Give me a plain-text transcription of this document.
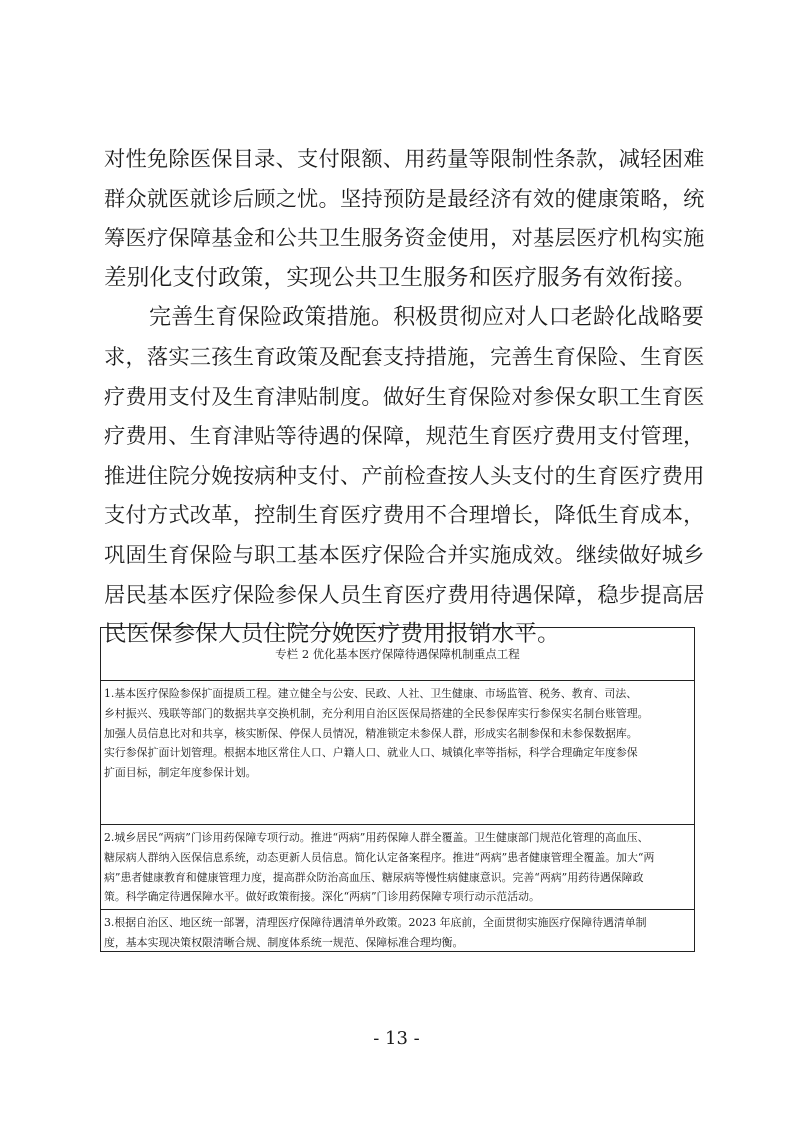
对性免除医保目录、支付限额、用药量等限制性条款，减轻困难
群众就医就诊后顾之忧。坚持预防是最经济有效的健康策略，统
筹医疗保障基金和公共卫生服务资金使用，对基层医疗机构实施
差别化支付政策，实现公共卫生服务和医疗服务有效衔接。

完善生育保险政策措施。积极贯彻应对人口老龄化战略要
求，落实三孩生育政策及配套支持措施，完善生育保险、生育医
疗费用支付及生育津贴制度。做好生育保险对参保女职工生育医
疗费用、生育津贴等待遇的保障，规范生育医疗费用支付管理，
推进住院分娩按病种支付、产前检查按人头支付的生育医疗费用
支付方式改革，控制生育医疗费用不合理增长，降低生育成本，
巩固生育保险与职工基本医疗保险合并实施成效。继续做好城乡
居民基本医疗保险参保人员生育医疗费用待遇保障，稳步提高居
民医保参保人员住院分娩医疗费用报销水平。

专栏 2 优化基本医疗保障待遇保障机制重点工程
1.基本医疗保险参保扩面提质工程。建立健全与公安、民政、人社、卫生健康、市场监管、税务、教育、司法、
乡村振兴、残联等部门的数据共享交换机制，充分利用自治区医保局搭建的全民参保库实行参保实名制台账管理。
加强人员信息比对和共享，核实断保、停保人员情况，精准锁定未参保人群，形成实名制参保和未参保数据库。
实行参保扩面计划管理。根据本地区常住人口、户籍人口、就业人口、城镇化率等指标，科学合理确定年度参保
扩面目标，制定年度参保计划。
2.城乡居民“两病”门诊用药保障专项行动。推进“两病”用药保障人群全覆盖。卫生健康部门规范化管理的高血压、
糖尿病人群纳入医保信息系统，动态更新人员信息。简化认定备案程序。推进“两病”患者健康管理全覆盖。加大“两
病”患者健康教育和健康管理力度，提高群众防治高血压、糖尿病等慢性病健康意识。完善“两病”用药待遇保障政
策。科学确定待遇保障水平。做好政策衔接。深化“两病”门诊用药保障专项行动示范活动。
3.根据自治区、地区统一部署，清理医疗保障待遇清单外政策。2023 年底前，全面贯彻实施医疗保障待遇清单制
度，基本实现决策权限清晰合规、制度体系统一规范、保障标准合理均衡。
- 13 -
